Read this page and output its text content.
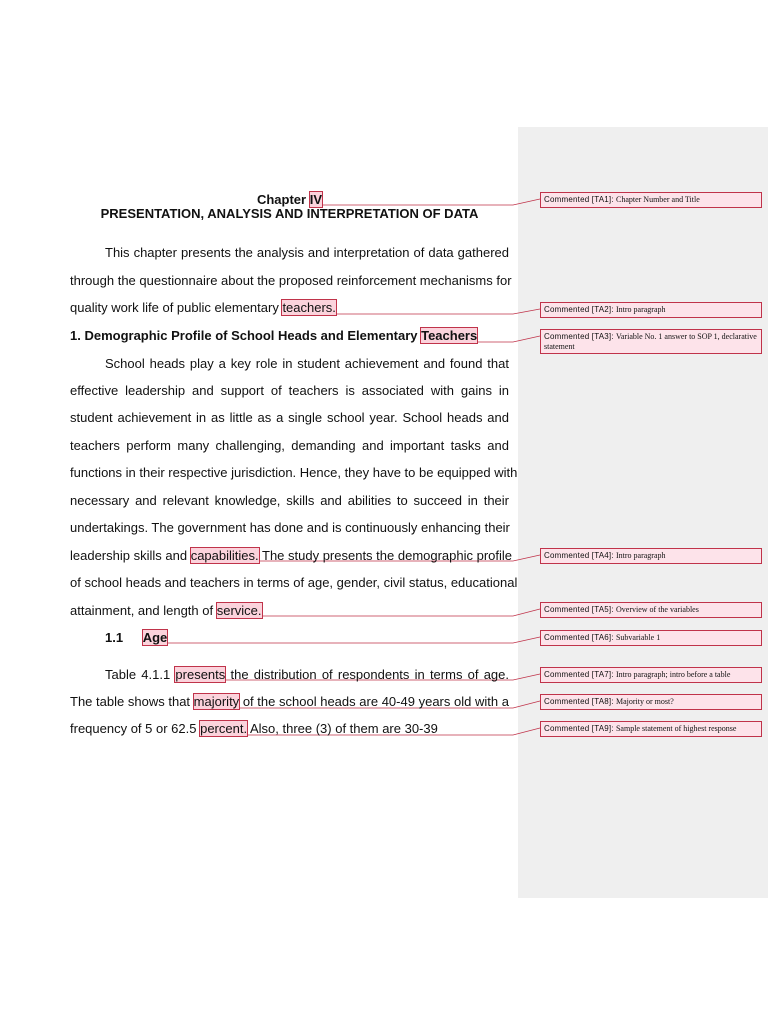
Chapter IV
PRESENTATION, ANALYSIS AND INTERPRETATION OF DATA
This chapter presents the analysis and interpretation of data gathered
through the questionnaire about the proposed reinforcement mechanisms for
quality work life of public elementary teachers.
1. Demographic Profile of School Heads and Elementary Teachers
School heads play a key role in student achievement and found that
effective leadership and support of teachers is associated with gains in
student achievement in as little as a single school year. School heads and
teachers perform many challenging, demanding and important tasks and
functions in their respective jurisdiction. Hence, they have to be equipped with
necessary and relevant knowledge, skills and abilities to succeed in their
undertakings. The government has done and is continuously enhancing their
leadership skills and capabilities. The study presents the demographic profile
of school heads and teachers in terms of age, gender, civil status, educational
attainment, and length of service.
1.1 Age
Table 4.1.1 presents the distribution of respondents in terms of age.
The table shows that majority of the school heads are 40-49 years old with a
frequency of 5 or 62.5 percent. Also, three (3) of them are 30-39
Commented [TA1]: Chapter Number and Title
Commented [TA2]: Intro paragraph
Commented [TA3]: Variable No. 1 answer to SOP 1, declarative statement
Commented [TA4]: Intro paragraph
Commented [TA5]: Overview of the variables
Commented [TA6]: Subvariable 1
Commented [TA7]: Intro paragraph; intro before a table
Commented [TA8]: Majority or most?
Commented [TA9]: Sample statement of highest response
